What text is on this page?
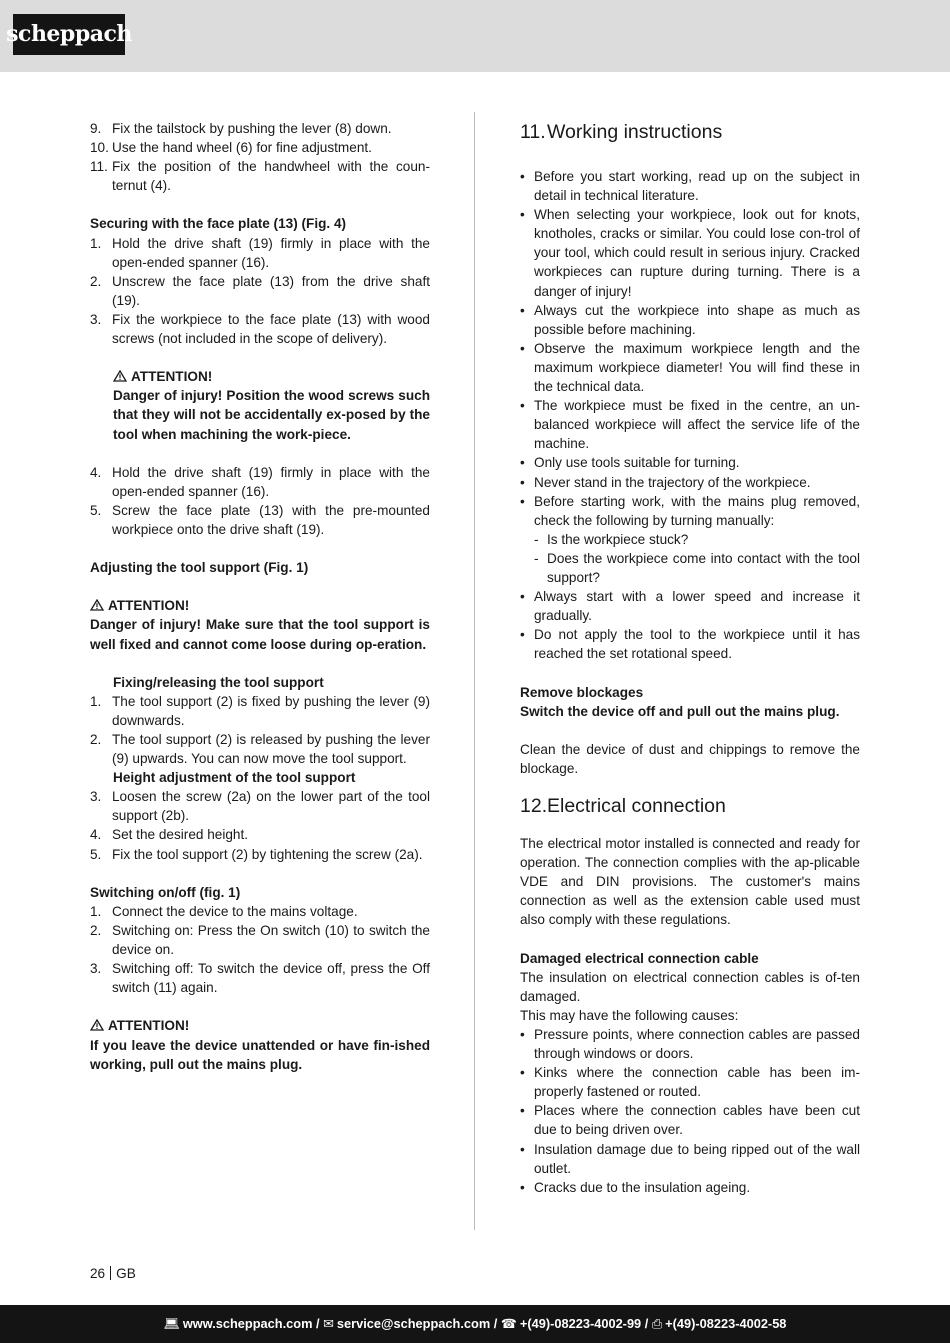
scheppach
9. Fix the tailstock by pushing the lever (8) down.
10. Use the hand wheel (6) for fine adjustment.
11. Fix the position of the handwheel with the coun-ternut (4).

Securing with the face plate (13) (Fig. 4)

1. Hold the drive shaft (19) firmly in place with the open-ended spanner (16).
2. Unscrew the face plate (13) from the drive shaft (19).
3. Fix the workpiece to the face plate (13) with wood screws (not included in the scope of delivery).

ATTENTION!

Danger of injury! Position the wood screws such that they will not be accidentally ex-posed by the tool when machining the work-piece.

4. Hold the drive shaft (19) firmly in place with the open-ended spanner (16).
5. Screw the face plate (13) with the pre-mounted workpiece onto the drive shaft (19).

Adjusting the tool support (Fig. 1)

ATTENTION!

Danger of injury! Make sure that the tool support is well fixed and cannot come loose during op-eration.

Fixing/releasing the tool support

1. The tool support (2) is fixed by pushing the lever (9) downwards.
2. The tool support (2) is released by pushing the lever (9) upwards. You can now move the tool support.

Height adjustment of the tool support

3. Loosen the screw (2a) on the lower part of the tool support (2b).
4. Set the desired height.
5. Fix the tool support (2) by tightening the screw (2a).

Switching on/off (fig. 1)

1. Connect the device to the mains voltage.
2. Switching on: Press the On switch (10) to switch the device on.
3. Switching off: To switch the device off, press the Off switch (11) again.

ATTENTION!

If you leave the device unattended or have fin-ished working, pull out the mains plug.

11.Working instructions
• Before you start working, read up on the subject in detail in technical literature.
• When selecting your workpiece, look out for knots, knotholes, cracks or similar. You could lose con-trol of your tool, which could result in serious injury. Cracked workpieces can rupture during turning. There is a danger of injury!
• Always cut the workpiece into shape as much as possible before machining.
• Observe the maximum workpiece length and the maximum workpiece diameter! You will find these in the technical data.
• The workpiece must be fixed in the centre, an un-balanced workpiece will affect the service life of the machine.
• Only use tools suitable for turning.
• Never stand in the trajectory of the workpiece.
• Before starting work, with the mains plug removed, check the following by turning manually:
- Is the workpiece stuck?
- Does the workpiece come into contact with the tool support?
• Always start with a lower speed and increase it gradually.
• Do not apply the tool to the workpiece until it has reached the set rotational speed.

Remove blockages

Switch the device off and pull out the mains plug.

Clean the device of dust and chippings to remove the blockage.

12.Electrical connection

The electrical motor installed is connected and ready for operation. The connection complies with the ap-plicable VDE and DIN provisions. The customer's mains connection as well as the extension cable used must also comply with these regulations.

Damaged electrical connection cable

The insulation on electrical connection cables is of-ten damaged.

This may have the following causes:

• Pressure points, where connection cables are passed through windows or doors.
• Kinks where the connection cable has been im-properly fastened or routed.
• Places where the connection cables have been cut due to being driven over.
• Insulation damage due to being ripped out of the wall outlet.
• Cracks due to the insulation ageing.
26 GB
💻︎ www.scheppach.com
/
✉︎ service@scheppach.com
/
☎︎ +(49)-08223-4002-99
/
⎙ +(49)-08223-4002-58
